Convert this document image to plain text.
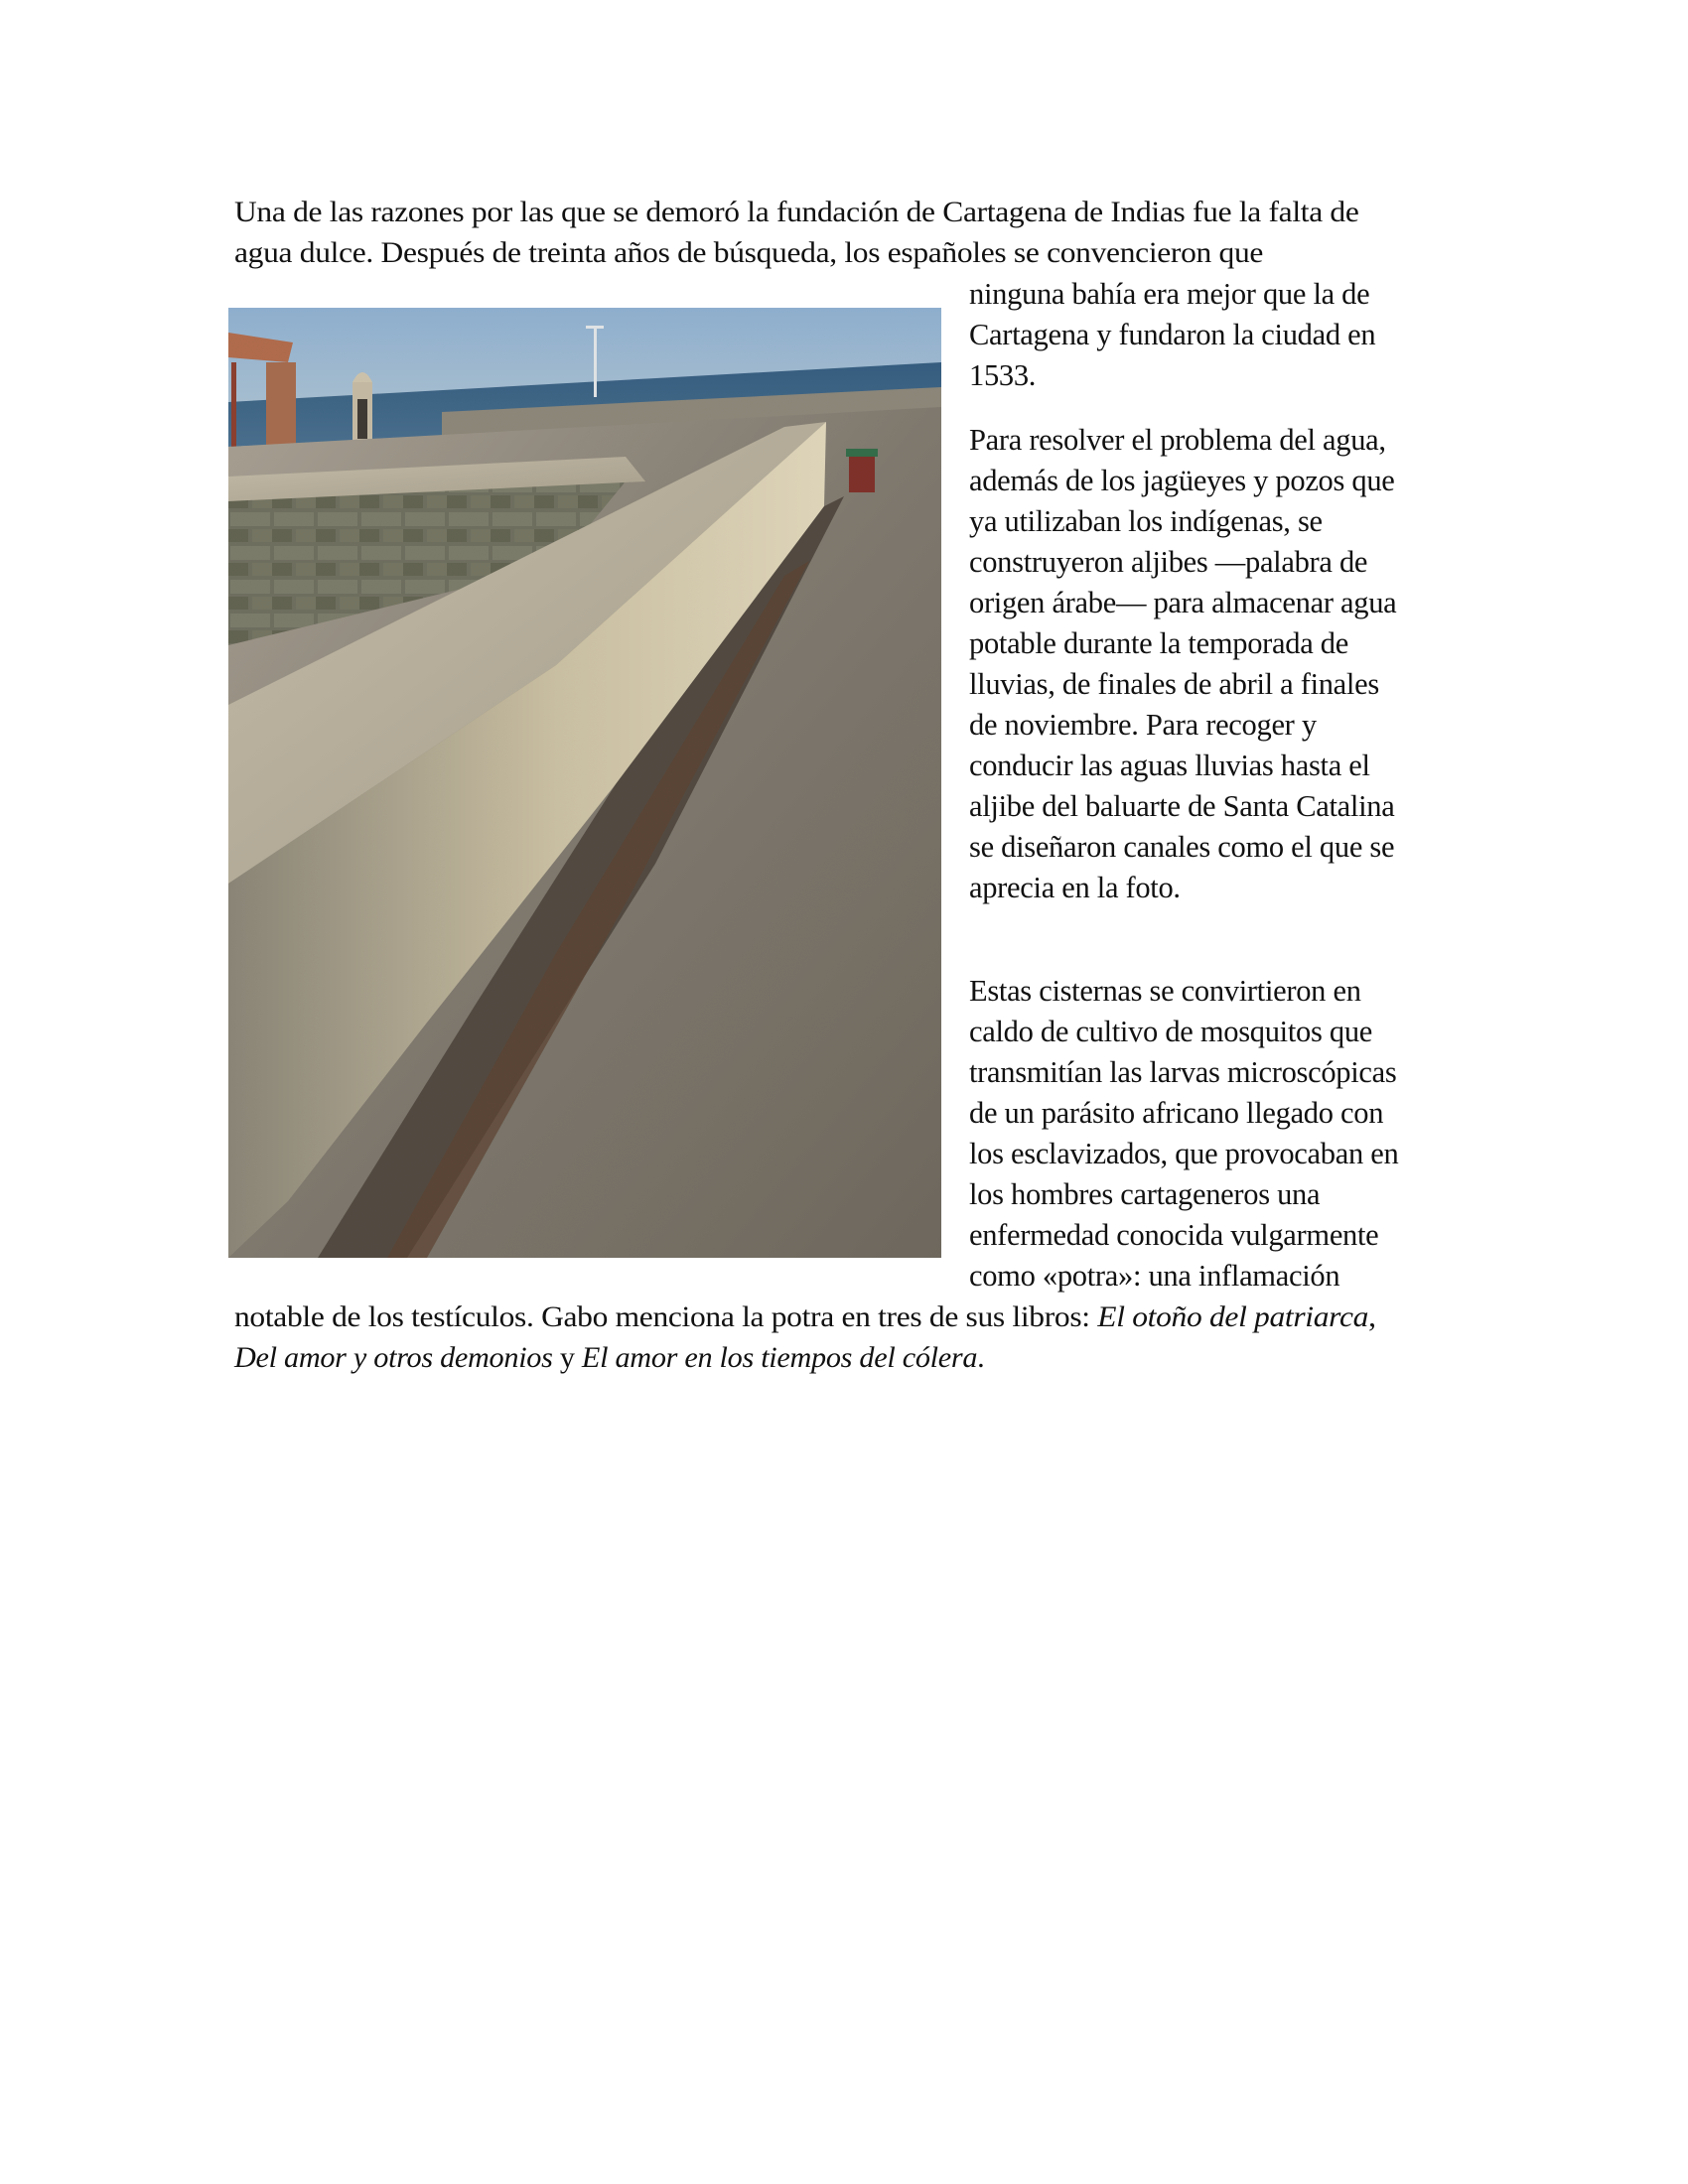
Una de las razones por las que se demoró la fundación de Cartagena de Indias fue la falta de
agua dulce. Después de treinta años de búsqueda, los españoles se convencieron que
ninguna bahía era mejor que la de
Cartagena y fundaron la ciudad en
1533.
Para resolver el problema del agua,
además de los jagüeyes y pozos que
ya utilizaban los indígenas, se
construyeron aljibes —palabra de
origen árabe— para almacenar agua
potable durante la temporada de
lluvias, de finales de abril a finales
de noviembre. Para recoger y
conducir las aguas lluvias hasta el
aljibe del baluarte de Santa Catalina
se diseñaron canales como el que se
aprecia en la foto.
Estas cisternas se convirtieron en
caldo de cultivo de mosquitos que
transmitían las larvas microscópicas
de un parásito africano llegado con
los esclavizados, que provocaban en
los hombres cartageneros una
enfermedad conocida vulgarmente
como «potra»: una inflamación
notable de los testículos. Gabo menciona la potra en tres de sus libros: El otoño del patriarca,
Del amor y otros demonios y El amor en los tiempos del cólera.
